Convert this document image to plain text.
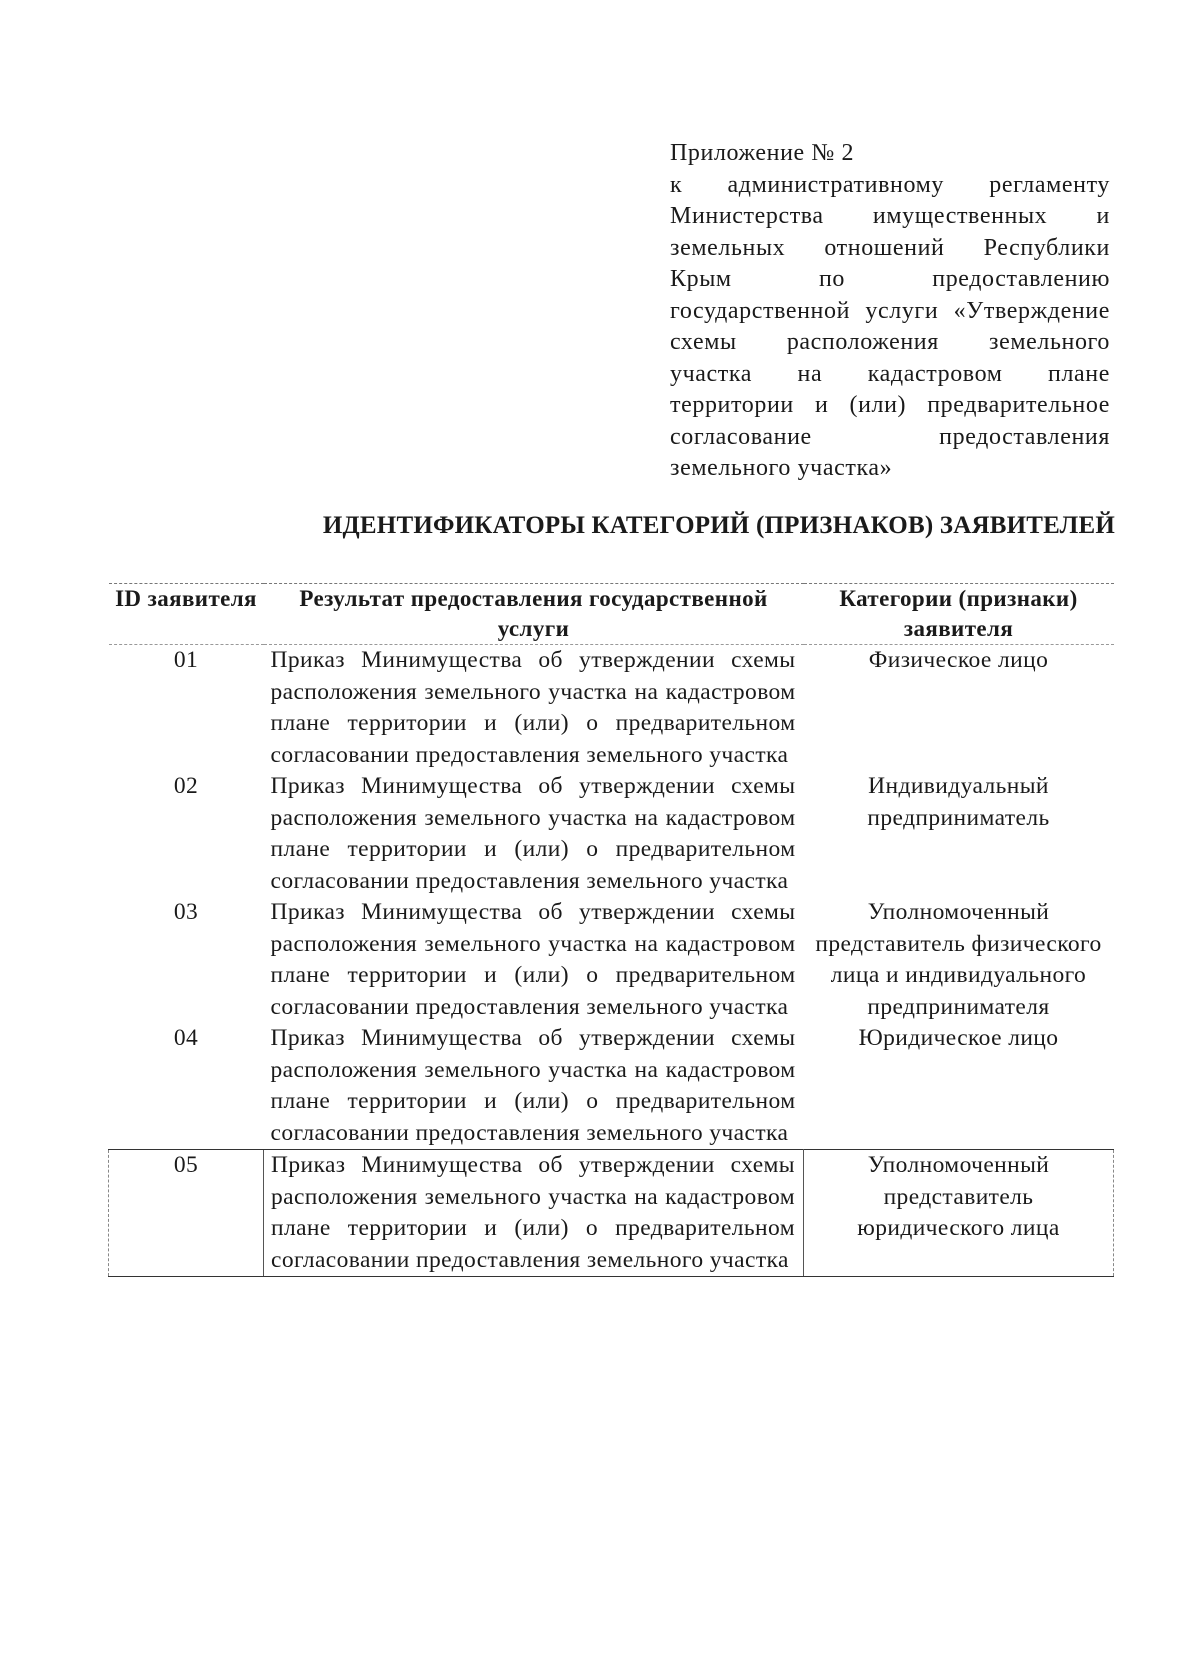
Приложение № 2
к административному регламенту Министерства имущественных и земельных отношений Республики Крым по предоставлению государственной услуги «Утверждение схемы расположения земельного участка на кадастровом плане территории и (или) предварительное согласование предоставления земельного участка»
ИДЕНТИФИКАТОРЫ КАТЕГОРИЙ (ПРИЗНАКОВ) ЗАЯВИТЕЛЕЙ
ID заявителя	Результат предоставления государственной услуги	Категории (признаки) заявителя
01	Приказ Минимущества об утверждении схемы расположения земельного участка на кадастровом плане территории и (или) о предварительном согласовании предоставления земельного участка	Физическое лицо
02	Приказ Минимущества об утверждении схемы расположения земельного участка на кадастровом плане территории и (или) о предварительном согласовании предоставления земельного участка	Индивидуальный предприниматель
03	Приказ Минимущества об утверждении схемы расположения земельного участка на кадастровом плане территории и (или) о предварительном согласовании предоставления земельного участка	Уполномоченный представитель физического лица и индивидуального предпринимателя
04	Приказ Минимущества об утверждении схемы расположения земельного участка на кадастровом плане территории и (или) о предварительном согласовании предоставления земельного участка	Юридическое лицо
05	Приказ Минимущества об утверждении схемы расположения земельного участка на кадастровом плане территории и (или) о предварительном согласовании предоставления земельного участка	Уполномоченный представитель юридического лица
